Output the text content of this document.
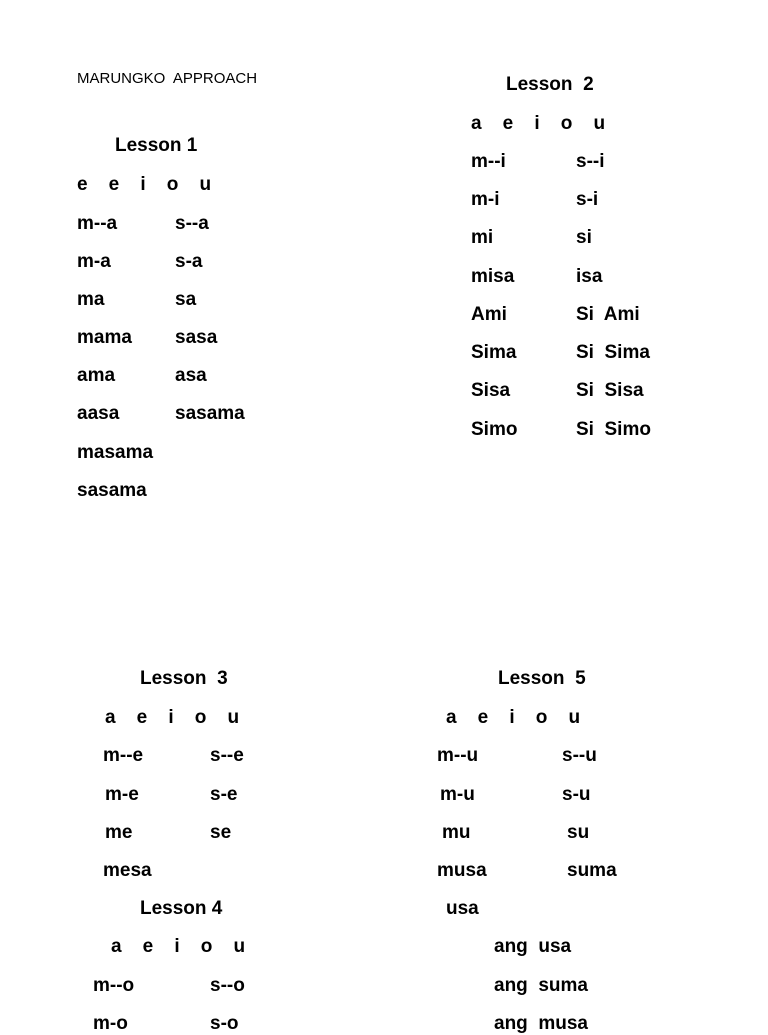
MARUNGKO  APPROACH
Lesson 1
e    e    i    o    u
m--a	s--a
m-a	s-a
ma	sa
mama sasa
ama	asa
aasa	sasama
masama
sasama
Lesson  2
a    e    i    o    u
m--i	s--i
m-i	s-i
mi	si
misa	isa
Ami	Si  Ami
Sima	Si  Sima
Sisa	Si  Sisa
Simo	Si  Simo
Lesson  3
a    e    i    o    u
m--e	s--e
m-e	s-e
me	se
mesa
Lesson 4
a    e    i    o    u
m--o	s--o
m-o	s-o
Lesson  5
a    e    i    o    u
m--u	s--u
m-u	s-u
mu	su
musa	suma
usa
ang  usa
ang  suma
ang  musa
